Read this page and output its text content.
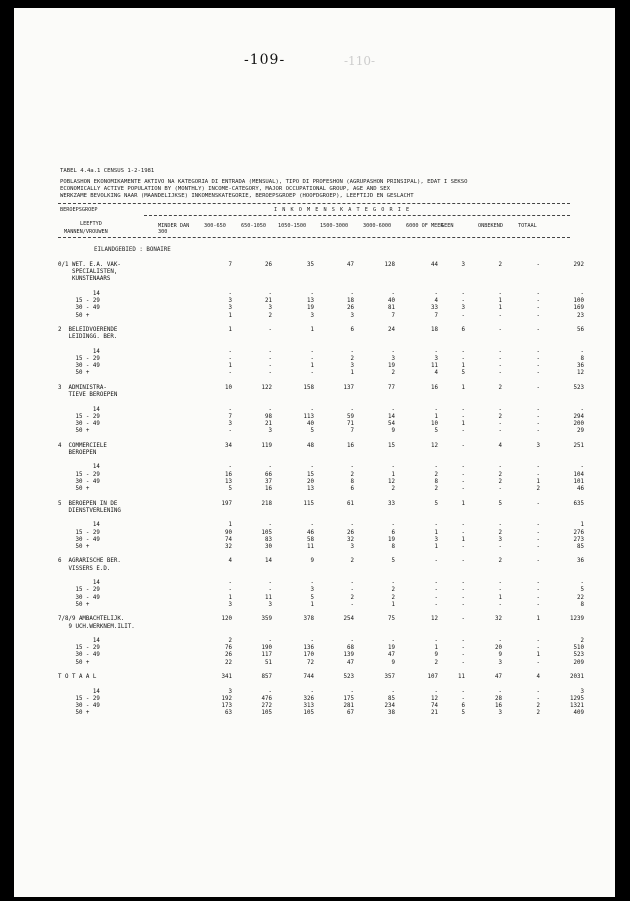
-109-	-110-
TABEL 4.4a.1 CENSUS 1-2-1981
POBLASHON EKONOMIKAMENTE AKTIVO NA KATEGORIA DI ENTRADA (MENSUAL), TIPO DI PROFESHON (AGRUPASHON PRINSIPAL), EDAT I SEKSO
ECONOMICALLY ACTIVE POPULATION BY (MONTHLY) INCOME-CATEGORY, MAJOR OCCUPATIONAL GROUP, AGE AND SEX
WERKZAME BEVOLKING NAAR (MAANDELIJKSE) INKOMENSKATEGORIE, BEROEPSGROEP (HOOFDGROEP), LEEFTIJD EN GESLACHT
BEROEPSGROEP	I N K O M E N S K A T E G O R I E
LEEFTYD
MANNEN/VROUWEN
MINDER DAN 300
300-650	650-1050 1050-1500	1500-3000	3000-6000	6000 OF MEER
GEEN	ONBEKEND	TOTAAL
EILANDGEBIED : BONAIRE
0/1 WET. E.A. VAK-	7	26	35	47	128	44	3	2	-	292
SPECIALISTEN,
KUNSTENAARS
14	-	-	-	-	-	-	-	-	-	-
15 - 29	3	21	13	18	40	4	-	1	-	100
30 - 49	3	3	19	26	81	33	3	1	-	169
50 +	1	2	3	3	7	7	-	-	-	23
2  BELEIDVOERENDE	1	-	1	6	24	18	6	-	-	56
LEIDINGG. BER.
14	-	-	-	-	-	-	-	-	-	-
15 - 29	-	-	-	2	3	3	-	-	-	8
30 - 49	1	-	1	3	19	11	1	-	-	36
50 +	-	-	-	1	2	4	5	-	-	12
3  ADMINISTRA-	10	122	158	137	77	16	1	2	-	523
TIEVE BEROEPEN
14	-	-	-	-	-	-	-	-	-	-
15 - 29	7	98	113	59	14	1	-	2	-	294
30 - 49	3	21	40	71	54	10	1	-	-	200
50 +	-	3	5	7	9	5	-	-	-	29
4  COMMERCIELE	34	119	48	16	15	12	-	4	3	251
BEROEPEN
14	-	-	-	-	-	-	-	-	-	-
15 - 29	16	66	15	2	1	2	-	2	-	104
30 - 49	13	37	20	8	12	8	-	2	1	101
50 +	5	16	13	6	2	2	-	-	2	46
5  BEROEPEN IN DE	197	218	115	61	33	5	1	5	-	635
DIENSTVERLENING
14	1	-	-	-	-	-	-	-	-	1
15 - 29	90	105	46	26	6	1	-	2	-	276
30 - 49	74	83	58	32	19	3	1	3	-	273
50 +	32	30	11	3	8	1	-	-	-	85
6  AGRARISCHE BER.	4	14	9	2	5	-	-	2	-	36
VISSERS E.D.
14	-	-	-	-	-	-	-	-	-	-
15 - 29	-	-	3	-	2	-	-	-	-	5
30 - 49	1	11	5	2	2	-	-	1	-	22
50 +	3	3	1	-	1	-	-	-	-	8
7/8/9 AMBACHTELIJK.	120	359	378	254	75	12	-	32	1	1239
9 UCH.WERKNEM.ILIT.
14	2	-	-	-	-	-	-	-	-	2
15 - 29	76	190	136	68	19	1	-	20	-	510
30 - 49	26	117	170	139	47	9	-	9	1	523
50 +	22	51	72	47	9	2	-	3	-	209
T O T A A L	341	857	744	523	357	107	11	47	4	2031
14	3	-	-	-	-	-	-	-	-	3
15 - 29	192	476	326	175	85	12	-	28	-	1295
30 - 49	173	272	313	281	234	74	6	16	2	1321
50 +	63	105	105	67	38	21	5	3	2	409
